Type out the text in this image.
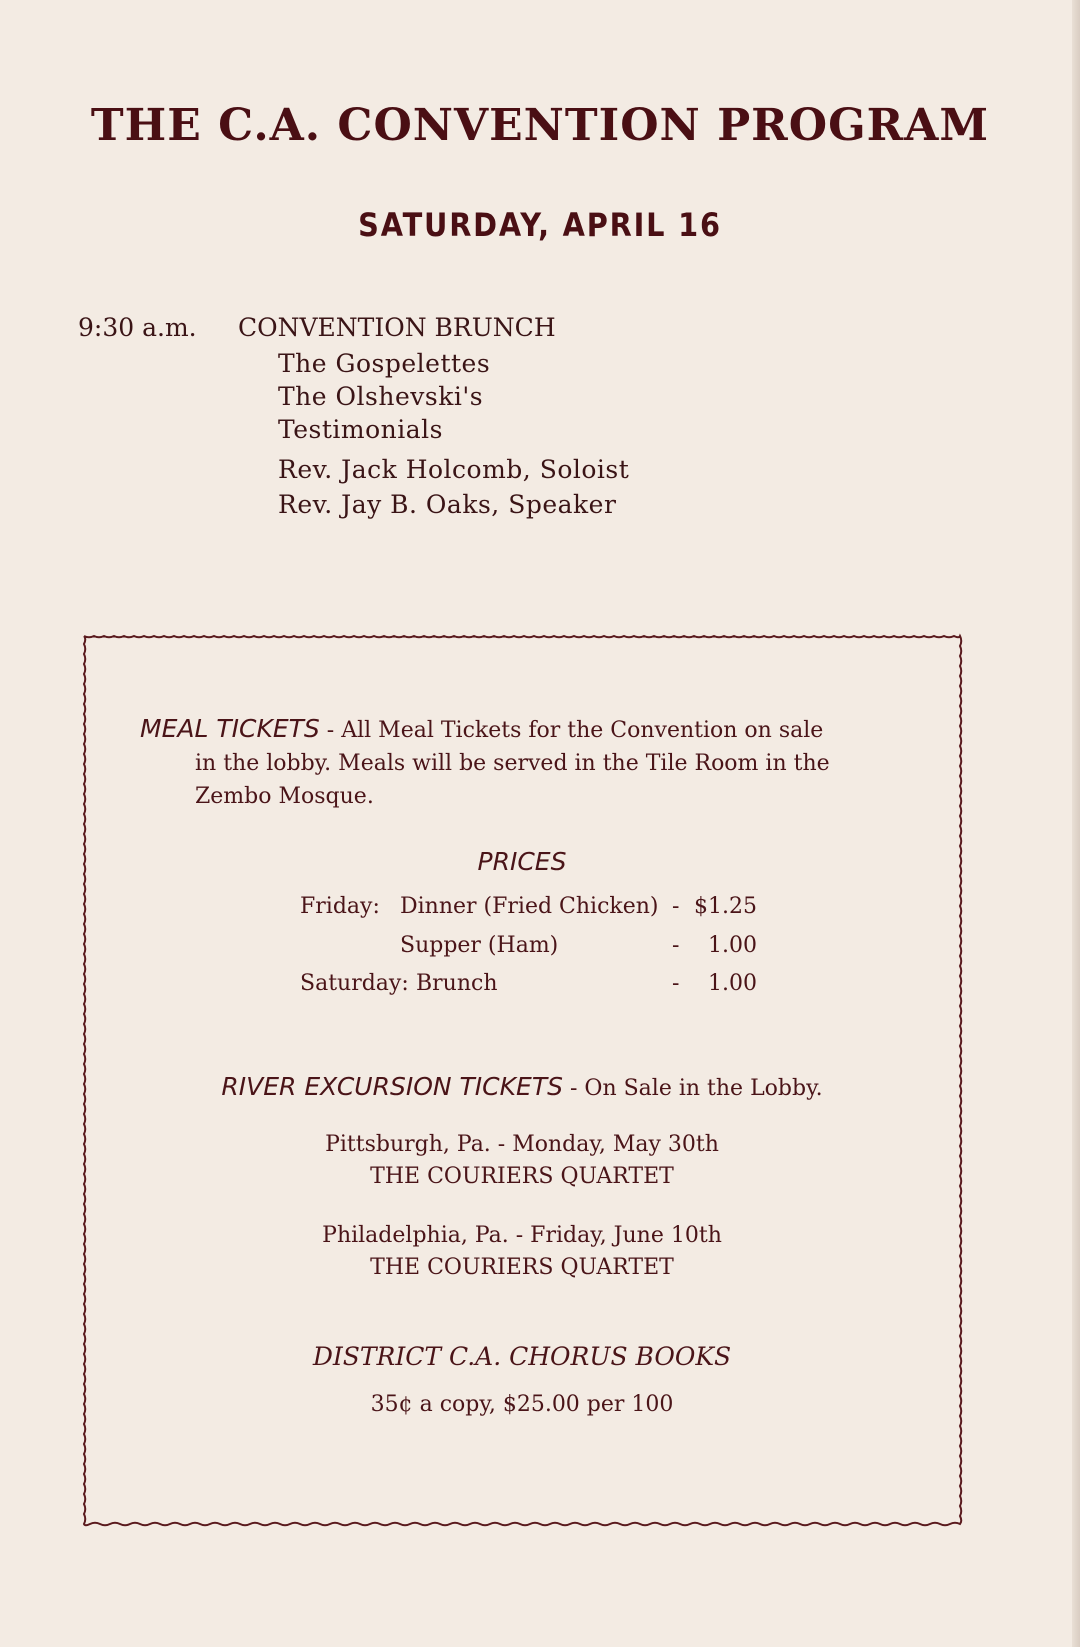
THE C.A. CONVENTION PROGRAM
SATURDAY, APRIL 16
9:30 a.m. CONVENTION BRUNCH
The Gospelettes
The Olshevski's
Testimonials
Rev. Jack Holcomb, Soloist
Rev. Jay B. Oaks, Speaker
MEAL TICKETS - All Meal Tickets for the Convention on sale
in the lobby. Meals will be served in the Tile Room in the
Zembo Mosque.
PRICES
Friday: Dinner (Fried Chicken) - $1.25
Supper (Ham)	- 1.00
Saturday: Brunch	- 1.00
RIVER EXCURSION TICKETS - On Sale in the Lobby.
Pittsburgh, Pa. - Monday, May 30th
THE COURIERS QUARTET
Philadelphia, Pa. - Friday, June 10th
THE COURIERS QUARTET
DISTRICT C.A. CHORUS BOOKS
35¢ a copy, $25.00 per 100
